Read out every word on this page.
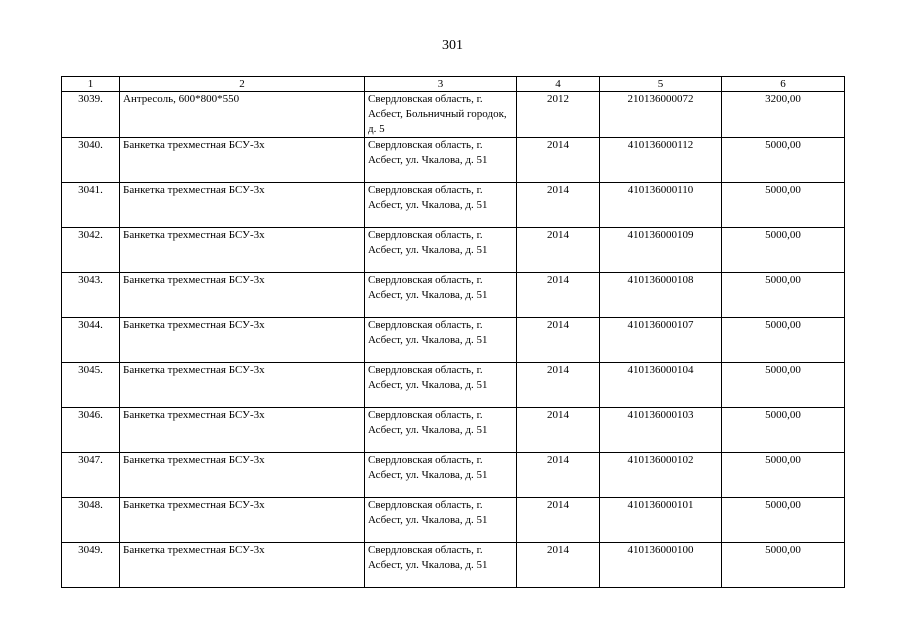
301
1	2	3	4	5	6
3039.	Антресоль, 600*800*550	Свердловская область, г. Асбест, Больничный городок, д. 5	2012	210136000072	3200,00
3040.	Банкетка трехместная БСУ-3х	Свердловская область, г. Асбест, ул. Чкалова, д. 51	2014	410136000112	5000,00
3041.	Банкетка трехместная БСУ-3х	Свердловская область, г. Асбест, ул. Чкалова, д. 51	2014	410136000110	5000,00
3042.	Банкетка трехместная БСУ-3х	Свердловская область, г. Асбест, ул. Чкалова, д. 51	2014	410136000109	5000,00
3043.	Банкетка трехместная БСУ-3х	Свердловская область, г. Асбест, ул. Чкалова, д. 51	2014	410136000108	5000,00
3044.	Банкетка трехместная БСУ-3х	Свердловская область, г. Асбест, ул. Чкалова, д. 51	2014	410136000107	5000,00
3045.	Банкетка трехместная БСУ-3х	Свердловская область, г. Асбест, ул. Чкалова, д. 51	2014	410136000104	5000,00
3046.	Банкетка трехместная БСУ-3х	Свердловская область, г. Асбест, ул. Чкалова, д. 51	2014	410136000103	5000,00
3047.	Банкетка трехместная БСУ-3х	Свердловская область, г. Асбест, ул. Чкалова, д. 51	2014	410136000102	5000,00
3048.	Банкетка трехместная БСУ-3х	Свердловская область, г. Асбест, ул. Чкалова, д. 51	2014	410136000101	5000,00
3049.	Банкетка трехместная БСУ-3х	Свердловская область, г. Асбест, ул. Чкалова, д. 51	2014	410136000100	5000,00
